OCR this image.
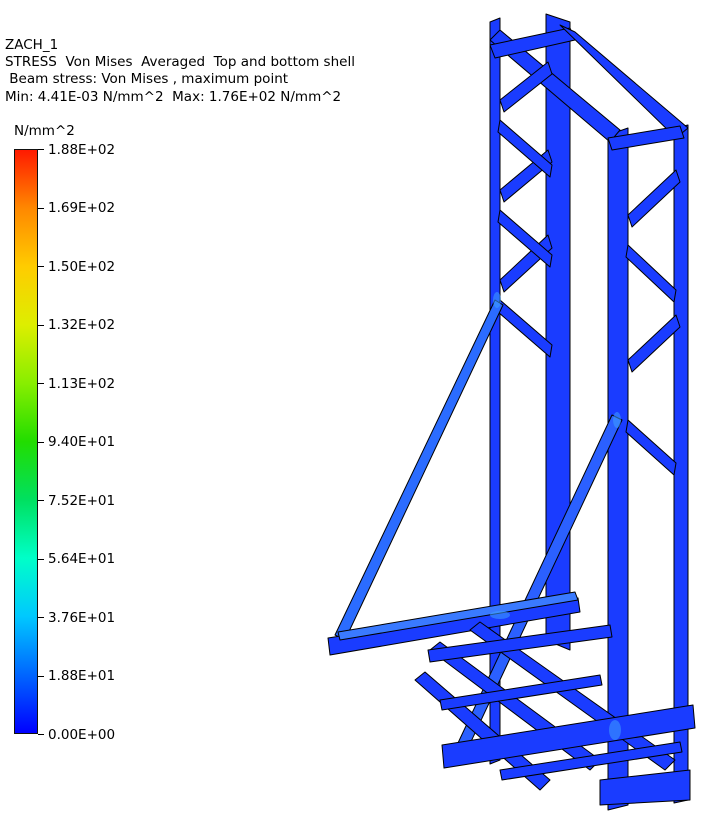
ZACH_1
STRESS  Von Mises  Averaged  Top and bottom shell
Beam stress: Von Mises , maximum point
Min: 4.41E-03 N/mm^2  Max: 1.76E+02 N/mm^2
N/mm^2
1.88E+02
1.69E+02
1.50E+02
1.32E+02
1.13E+02
9.40E+01
7.52E+01
5.64E+01
3.76E+01
1.88E+01
0.00E+00
